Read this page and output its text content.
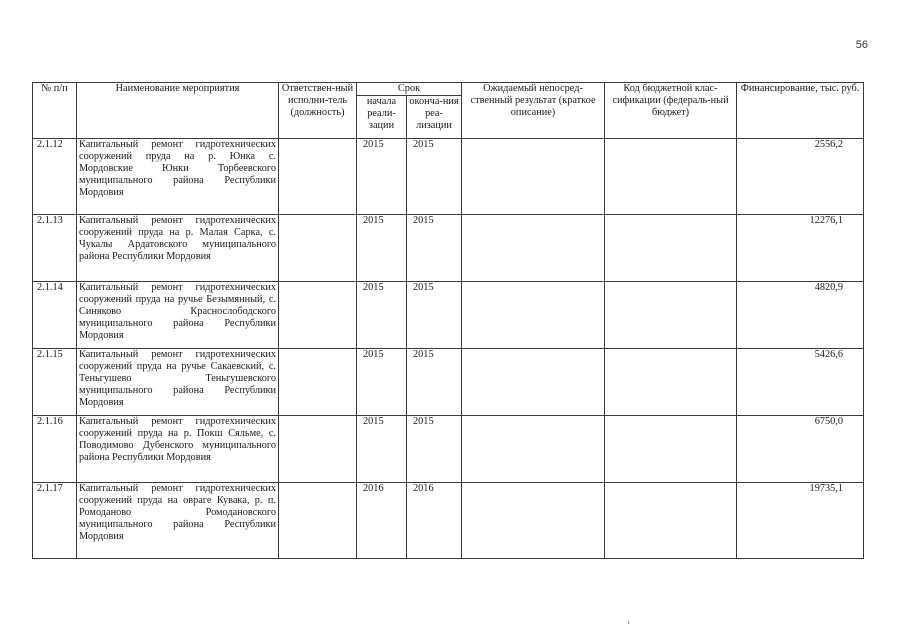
56
№ п/п	Наименование мероприятия	Ответствен-ный исполни-тель (должность)	Срок		Ожидаемый непосред-ственный результат (краткое описание)	Код бюджетной клас-сификации (федераль-ный бюджет)	Финансирование, тыс. руб.
			начала реали-зации	оконча-ния реа-лизации			
2.1.12	Капитальный ремонт гидротехнических сооружений пруда на р. Юнка с. Мордовские Юнки Торбеевского муниципального района Республики Мордовия		2015	2015			2556,2
2.1.13	Капитальный ремонт гидротехнических сооружений пруда на р. Малая Сарка, с. Чукалы Ардатовского муниципального района Республики Мордовия		2015	2015			12276,1
2.1.14	Капитальный ремонт гидротехнических сооружений пруда на ручье Безымянный, с. Синяково Краснослободского муниципального района Республики Мордовия		2015	2015			4820,9
2.1.15	Капитальный ремонт гидротехнических сооружений пруда на ручье Сакаевский, с. Теньгушево Теньгушевского муниципального района Республики Мордовия		2015	2015			5426,6
2.1.16	Капитальный ремонт гидротехнических сооружений пруда на р. Покш Сяльме, с. Поводимово Дубенского муниципального района Республики Мордовия		2015	2015			6750,0
2.1.17	Капитальный ремонт гидротехнических сооружений пруда на овраге Кувака, р. п. Ромоданово Ромодановского муниципального района Республики Мордовия		2016	2016			19735,1
